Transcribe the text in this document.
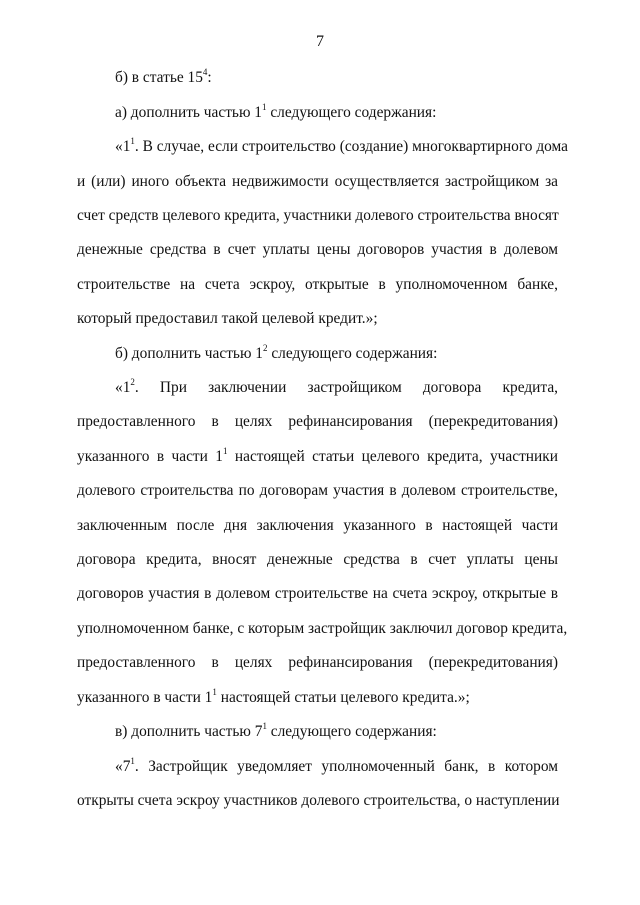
7
б) в статье $15^4$:
а) дополнить частью $1^1$ следующего содержания:
«$1^1$. В случае, если строительство (создание) многоквартирного дома
и (или) иного объекта недвижимости осуществляется застройщиком за
счет средств целевого кредита, участники долевого строительства вносят
денежные средства в счет уплаты цены договоров участия в долевом
строительстве на счета эскроу, открытые в уполномоченном банке,
который предоставил такой целевой кредит.»;
б) дополнить частью $1^2$ следующего содержания:
«$1^2$. При заключении застройщиком договора кредита,
предоставленного в целях рефинансирования (перекредитования)
указанного в части $1^1$ настоящей статьи целевого кредита, участники
долевого строительства по договорам участия в долевом строительстве,
заключенным после дня заключения указанного в настоящей части
договора кредита, вносят денежные средства в счет уплаты цены
договоров участия в долевом строительстве на счета эскроу, открытые в
уполномоченном банке, с которым застройщик заключил договор кредита,
предоставленного в целях рефинансирования (перекредитования)
указанного в части $1^1$ настоящей статьи целевого кредита.»;
в) дополнить частью $7^1$ следующего содержания:
«$7^1$. Застройщик уведомляет уполномоченный банк, в котором
открыты счета эскроу участников долевого строительства, о наступлении
